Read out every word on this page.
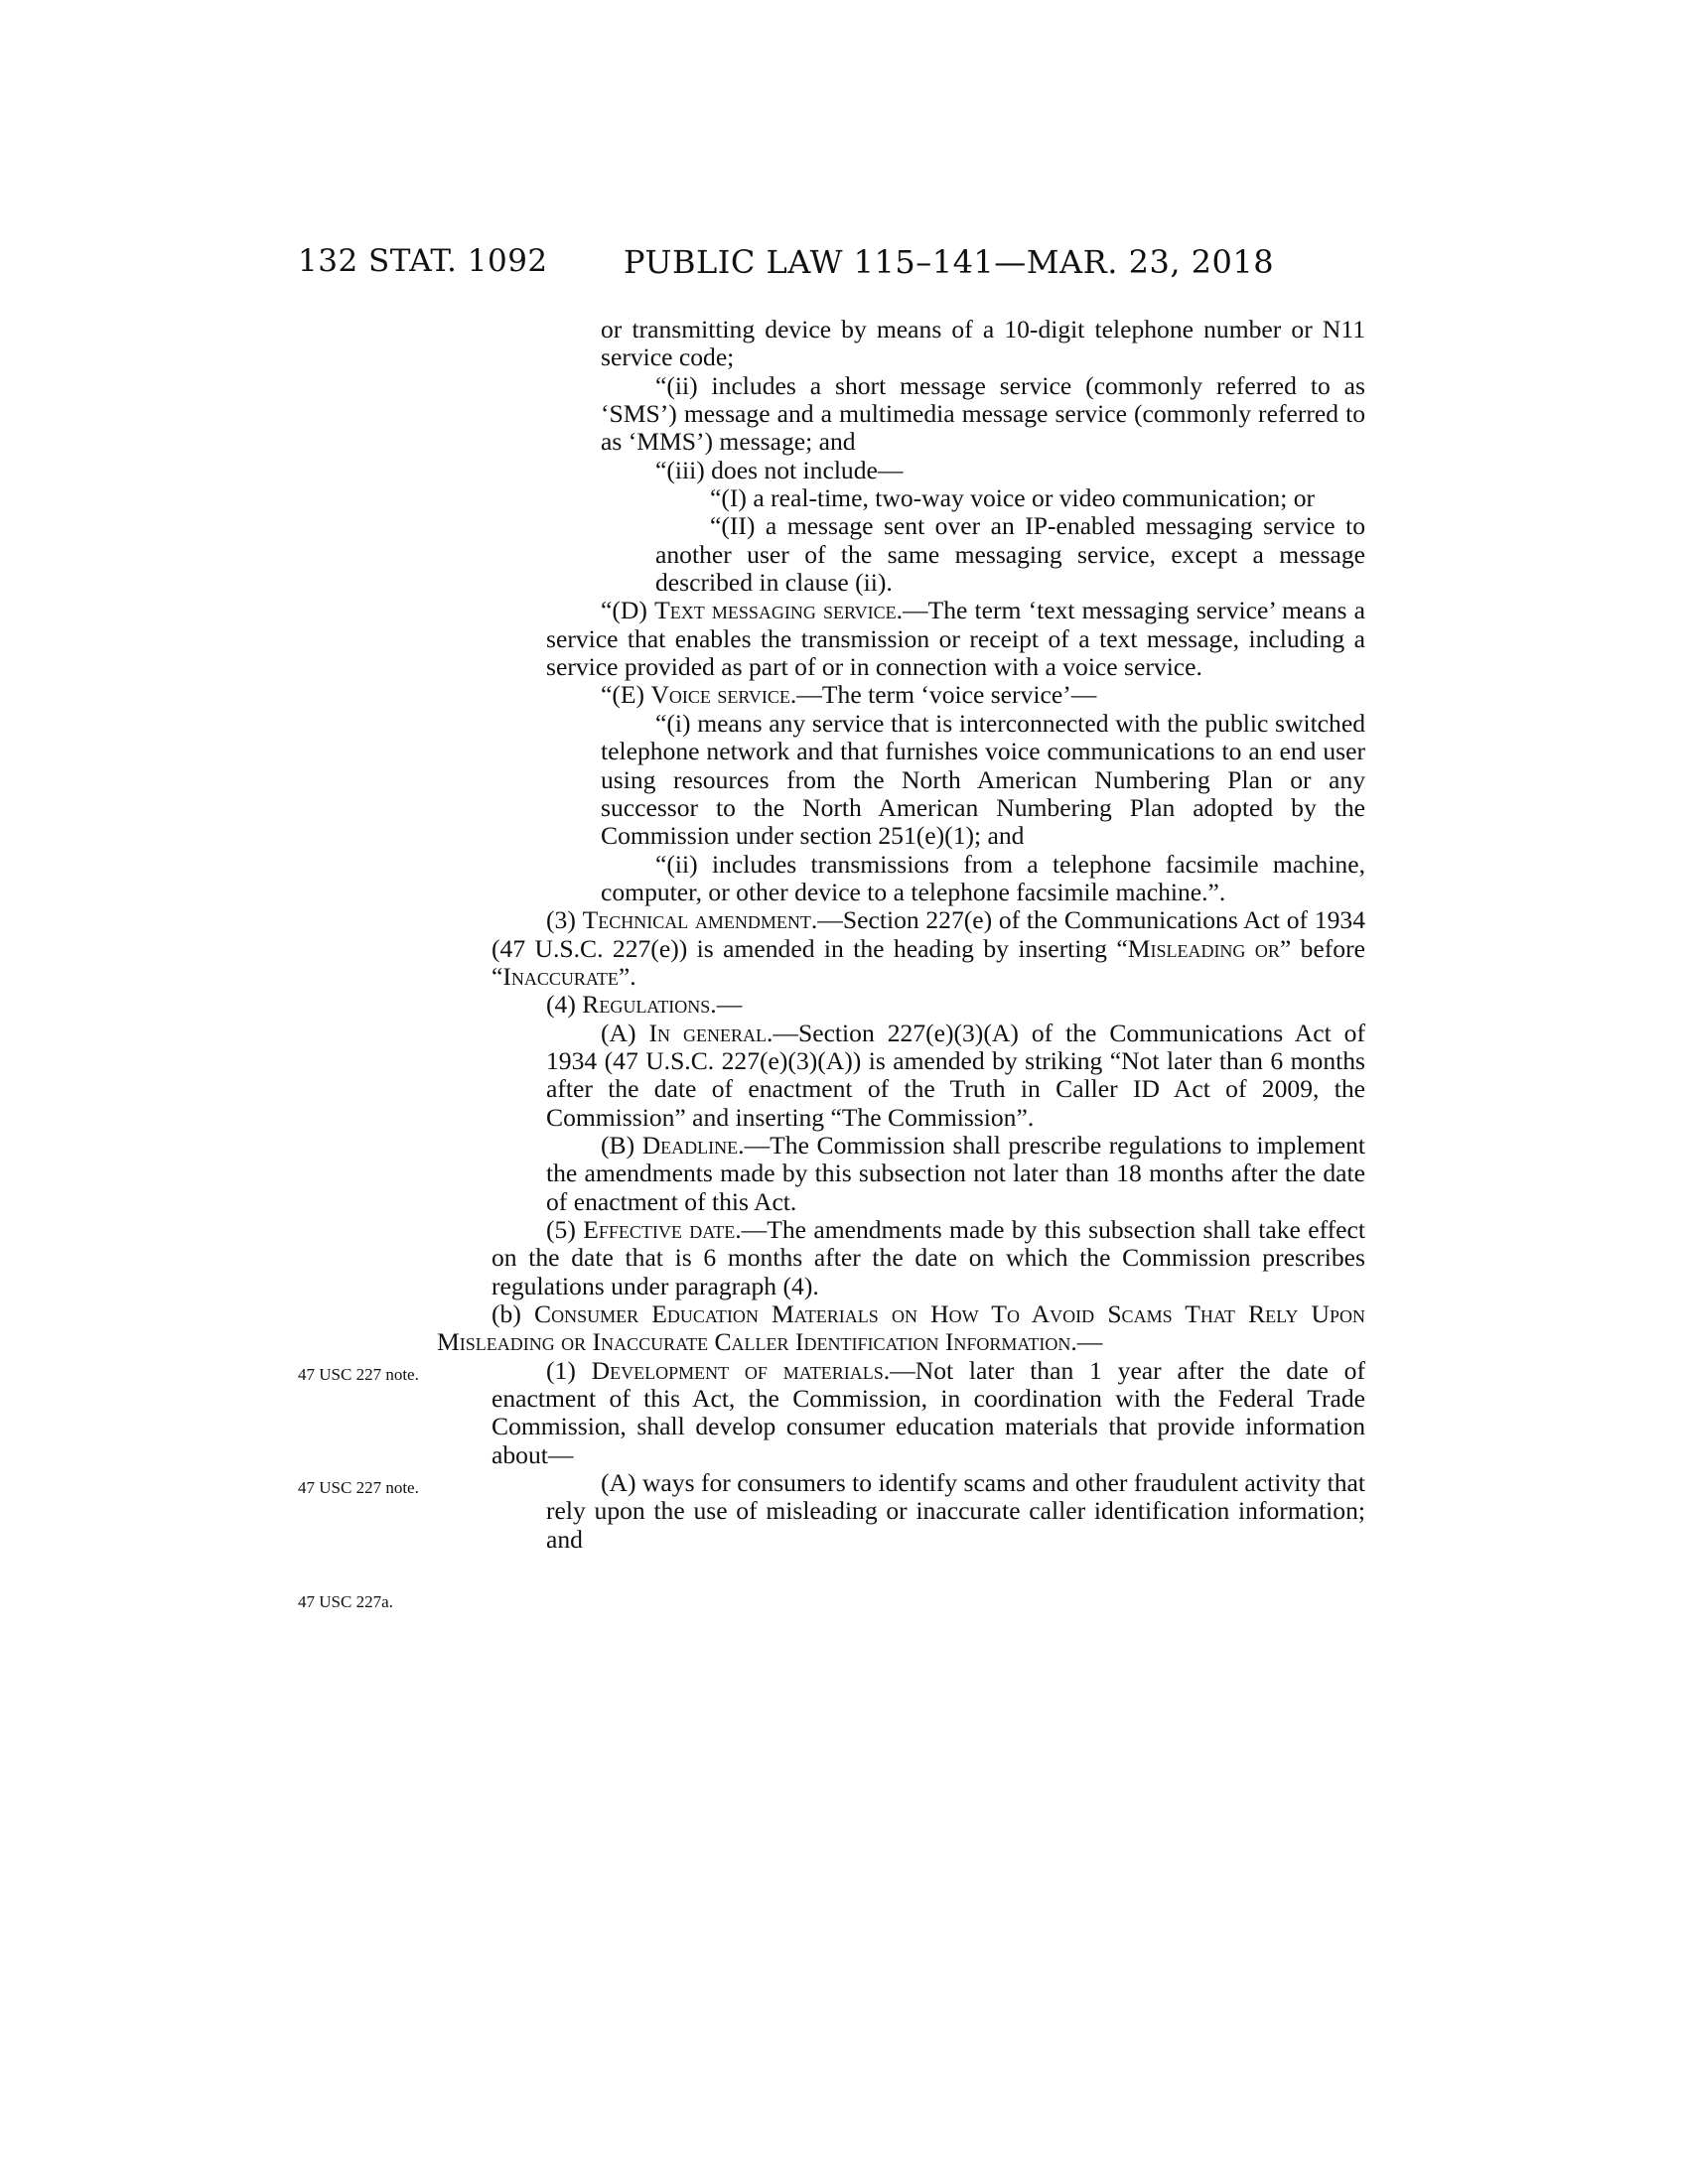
132 STAT. 1092 PUBLIC LAW 115–141—MAR. 23, 2018

or transmitting device by means of a 10-digit telephone number or N11 service code;

“(ii) includes a short message service (commonly referred to as ‘SMS’) message and a multimedia message service (commonly referred to as ‘MMS’) message; and

“(iii) does not include—

“(I) a real-time, two-way voice or video communication; or

“(II) a message sent over an IP-enabled messaging service to another user of the same messaging service, except a message described in clause (ii).

“(D) Text messaging service.—The term ‘text messaging service’ means a service that enables the transmission or receipt of a text message, including a service provided as part of or in connection with a voice service.

“(E) Voice service.—The term ‘voice service’—

“(i) means any service that is interconnected with the public switched telephone network and that furnishes voice communications to an end user using resources from the North American Numbering Plan or any successor to the North American Numbering Plan adopted by the Commission under section 251(e)(1); and

“(ii) includes transmissions from a telephone facsimile machine, computer, or other device to a telephone facsimile machine.”.

(3) Technical amendment.—Section 227(e) of the Communications Act of 1934 (47 U.S.C. 227(e)) is amended in the heading by inserting “Misleading or” before “Inaccurate”.

(4) Regulations.—

(A) In general.—Section 227(e)(3)(A) of the Communications Act of 1934 (47 U.S.C. 227(e)(3)(A)) is amended by striking “Not later than 6 months after the date of enactment of the Truth in Caller ID Act of 2009, the Commission” and inserting “The Commission”.

(B) Deadline.—The Commission shall prescribe regulations to implement the amendments made by this subsection not later than 18 months after the date of enactment of this Act.

(5) Effective date.—The amendments made by this subsection shall take effect on the date that is 6 months after the date on which the Commission prescribes regulations under paragraph (4).

(b) Consumer Education Materials on How To Avoid Scams That Rely Upon Misleading or Inaccurate Caller Identification Information.—

(1) Development of materials.—Not later than 1 year after the date of enactment of this Act, the Commission, in coordination with the Federal Trade Commission, shall develop consumer education materials that provide information about—

(A) ways for consumers to identify scams and other fraudulent activity that rely upon the use of misleading or inaccurate caller identification information; and

47 USC 227 note.
47 USC 227 note.
47 USC 227a.
